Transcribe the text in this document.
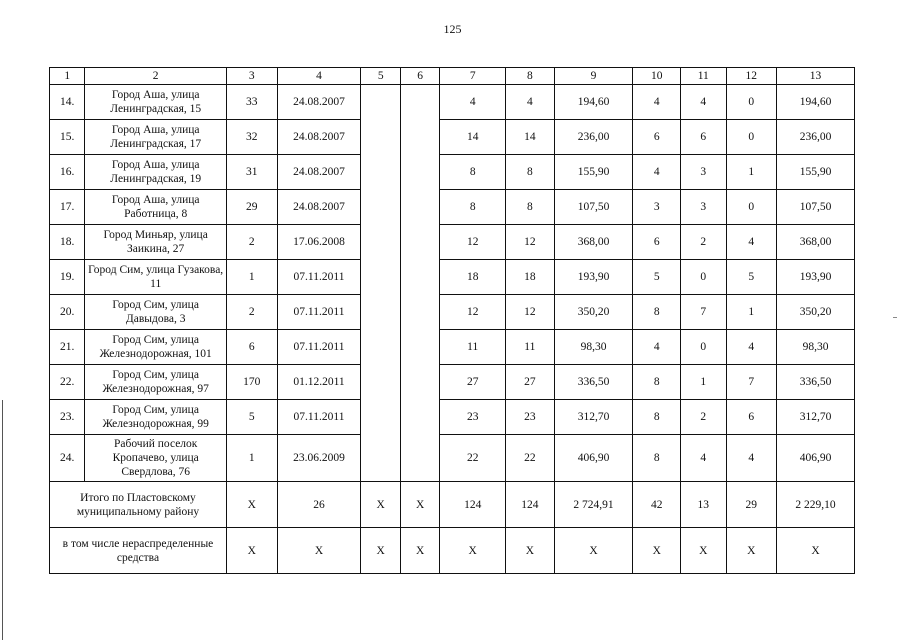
125
1	2	3	4	5	6	7	8	9	10	11	12	13
14.	Город Аша, улица Ленинградская, 15	33	24.08.2007			4	4	194,60	4	4	0	194,60
15.	Город Аша, улица Ленинградская, 17	32	24.08.2007			14	14	236,00	6	6	0	236,00
16.	Город Аша, улица Ленинградская, 19	31	24.08.2007			8	8	155,90	4	3	1	155,90
17.	Город Аша, улица Работница, 8	29	24.08.2007			8	8	107,50	3	3	0	107,50
18.	Город Миньяр, улица Заикина, 27	2	17.06.2008			12	12	368,00	6	2	4	368,00
19.	Город Сим, улица Гузакова, 11	1	07.11.2011			18	18	193,90	5	0	5	193,90
20.	Город Сим, улица Давыдова, 3	2	07.11.2011			12	12	350,20	8	7	1	350,20
21.	Город Сим, улица Железнодорожная, 101	6	07.11.2011			11	11	98,30	4	0	4	98,30
22.	Город Сим, улица Железнодорожная, 97	170	01.12.2011			27	27	336,50	8	1	7	336,50
23.	Город Сим, улица Железнодорожная, 99	5	07.11.2011			23	23	312,70	8	2	6	312,70
24.	Рабочий поселок Кропачево, улица Свердлова, 76	1	23.06.2009			22	22	406,90	8	4	4	406,90
Итого по Пластовскому муниципальному району		X	26	X	X	124	124	2 724,91	42	13	29	2 229,10
в том числе нераспределенные средства		X	X	X	X	X	X	X	X	X	X	X
